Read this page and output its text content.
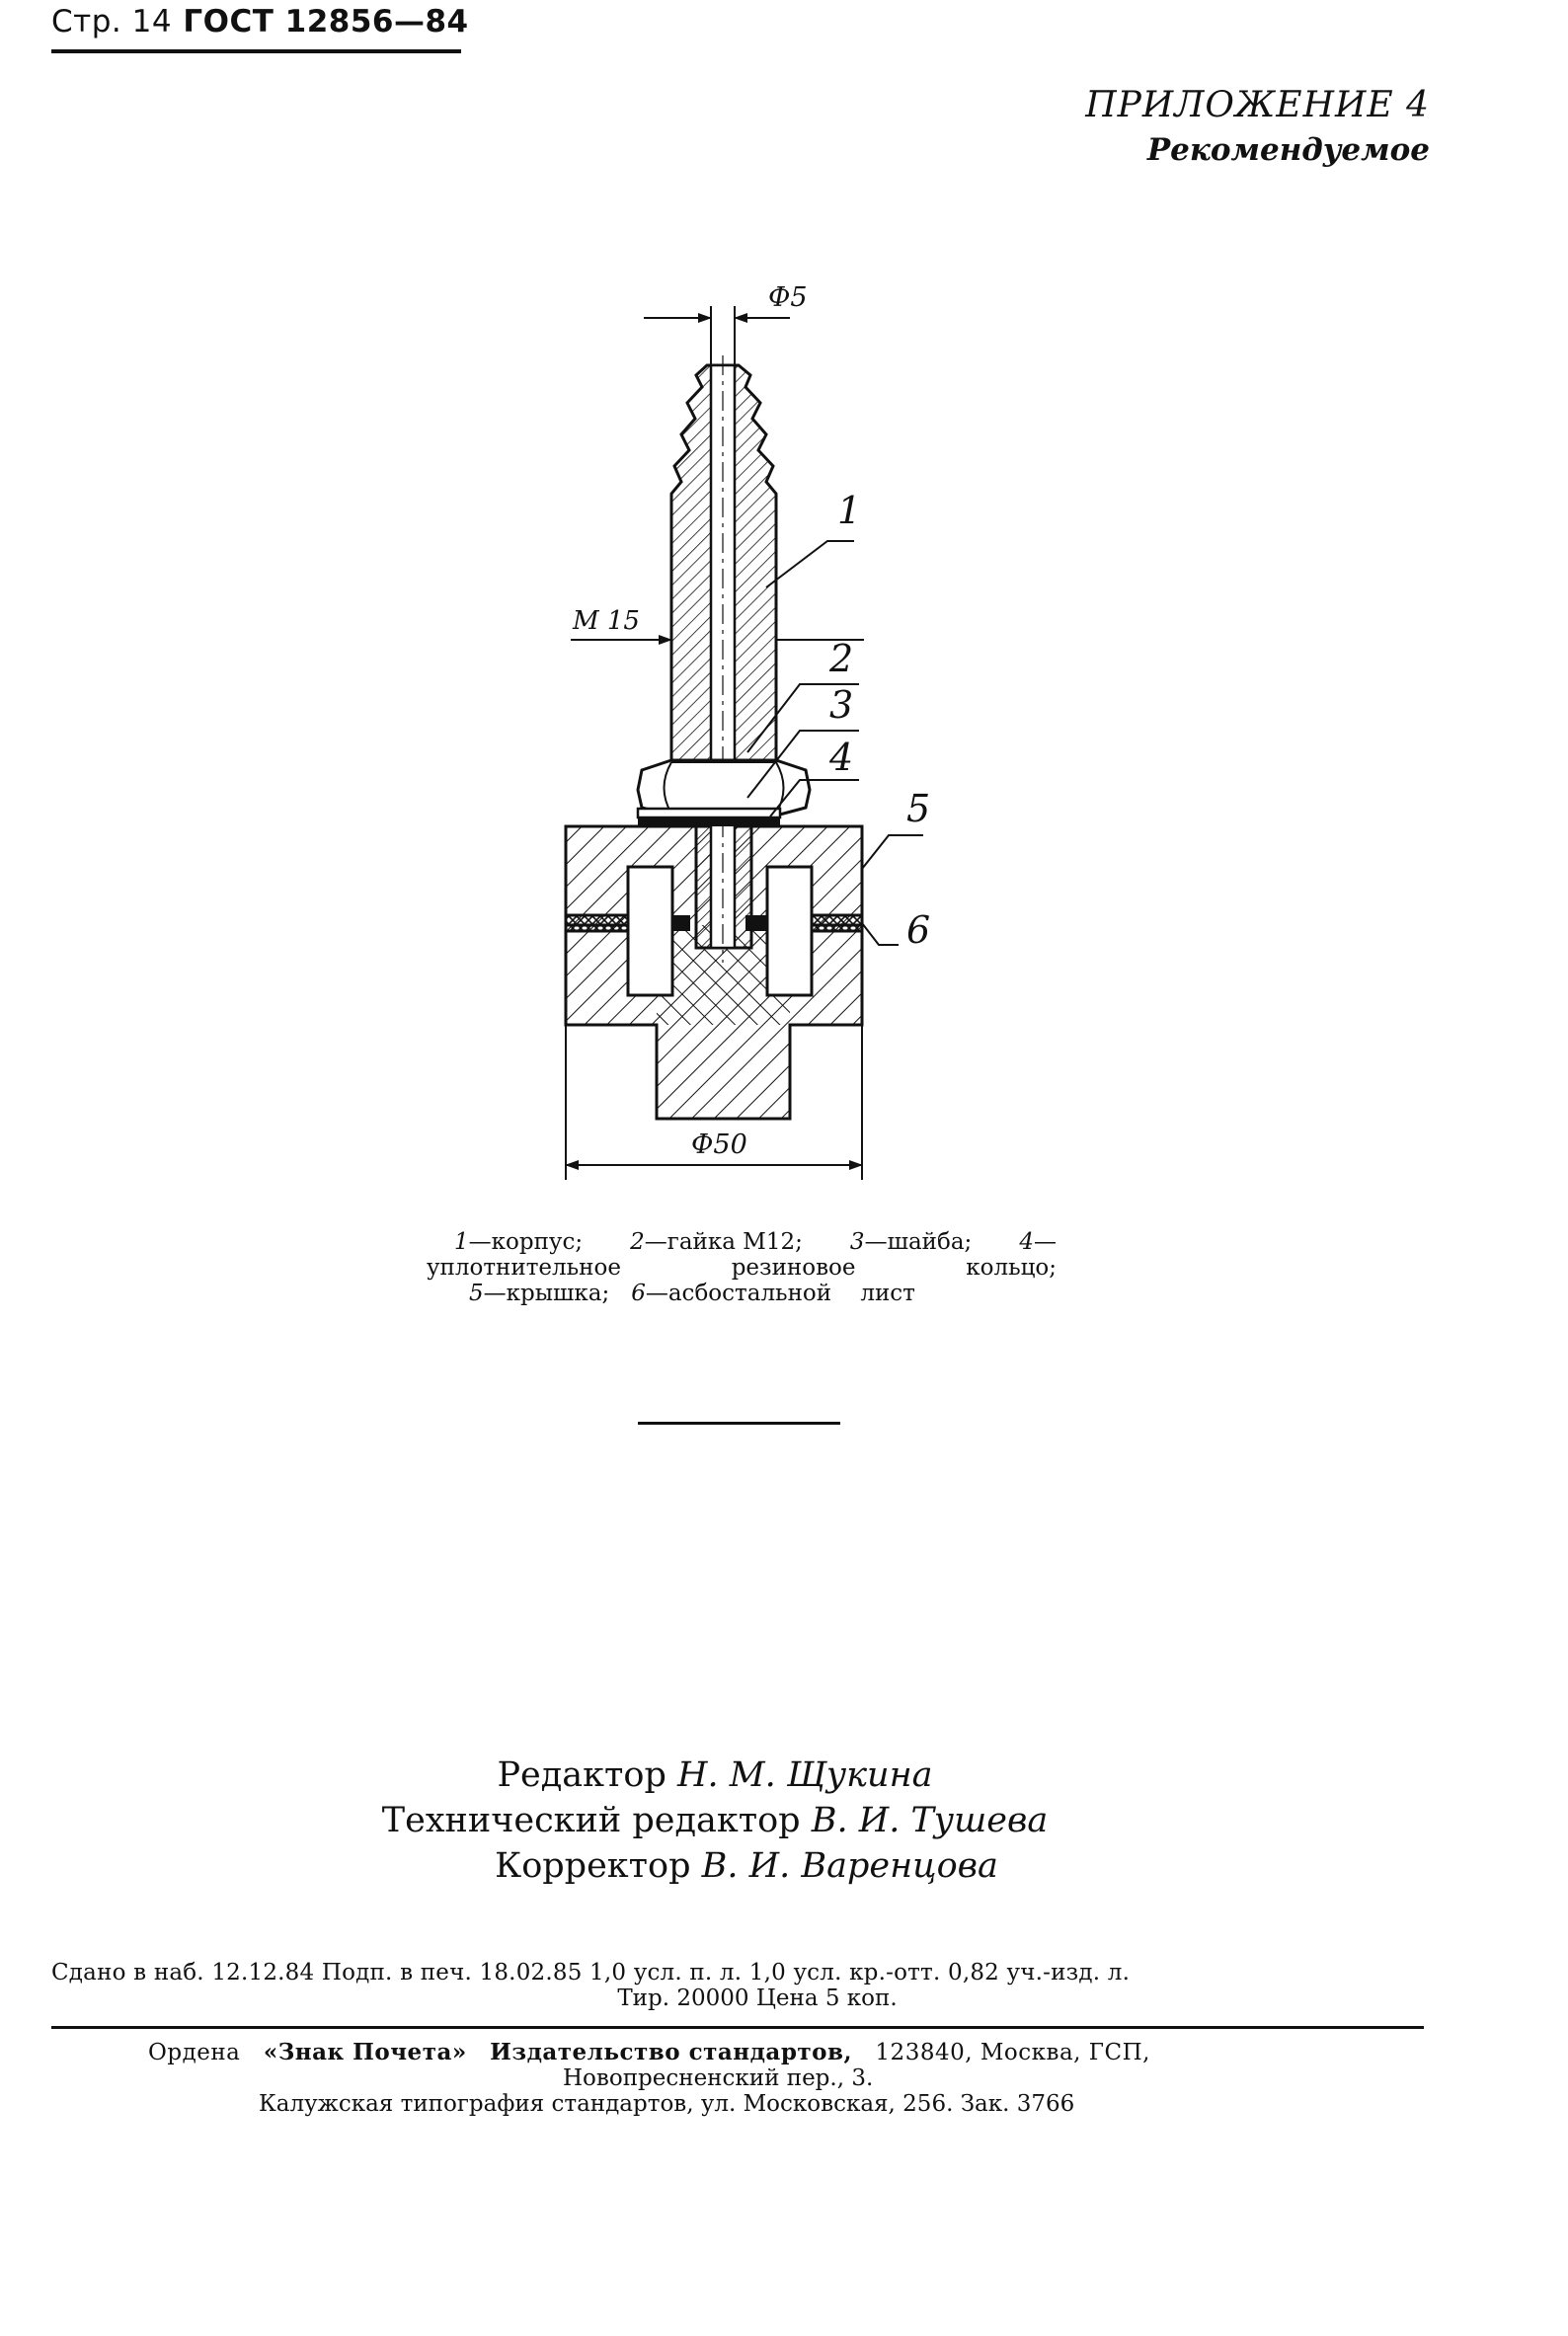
Стр. 14 ГОСТ 12856—84
ПРИЛОЖЕНИЕ 4
Рекомендуемое
Ф5
М 15
Ф50
1
2
3
4
5
6
1—корпус; 2—гайка М12; 3—шайба; 4—
уплотнительное	резиновое	кольцо;
5—крышка; 6—асбостальной лист
Редактор Н. М. Щукина
Технический редактор В. И. Тушева
Корректор В. И. Варенцова
Сдано в наб. 12.12.84 Подп. в печ. 18.02.85 1,0 усл. п. л. 1,0 усл. кр.-отт. 0,82 уч.-изд. л.
Тир. 20000 Цена 5 коп.
Ордена «Знак Почета» Издательство стандартов, 123840, Москва, ГСП,
Новопресненский пер., 3.
Калужская типография стандартов, ул. Московская, 256. Зак. 3766
